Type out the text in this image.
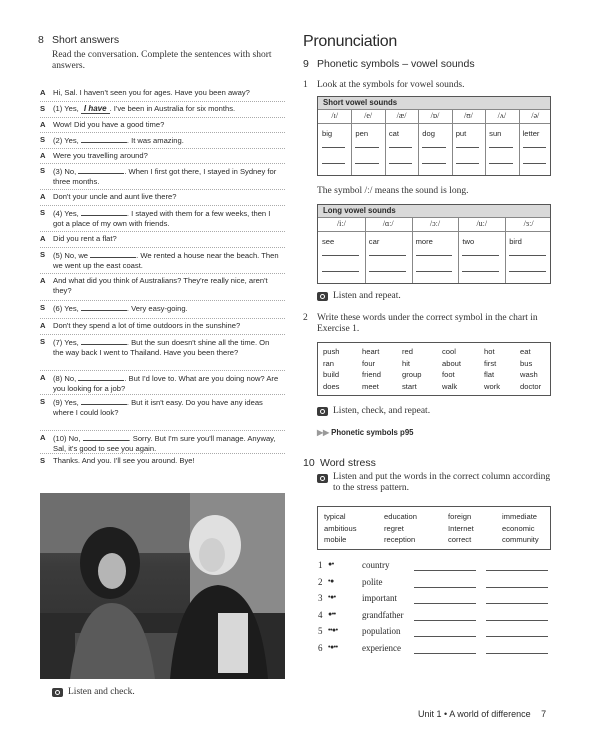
8 Short answers
Read the conversation. Complete the sentences with short answers.
A Hi, Sal. I haven't seen you for ages. Have you been away?
S	(1) Yes, I have . I've been in Australia for six months.
A Wow! Did you have a good time?
S	(2) Yes,	. It was amazing.
A Were you travelling around?
S	(3) No,	. When I first got there, I stayed in Sydney for three months.
A Don't your uncle and aunt live there?
S	(4) Yes,	. I stayed with them for a few weeks, then I got a place of my own with friends.
A Did you rent a flat?
S	(5) No, we	. We rented a house near the beach. Then we went up the east coast.
A And what did you think of Australians? They're really nice, aren't they?
S	(6) Yes,	. Very easy-going.
A Don't they spend a lot of time outdoors in the sunshine?
S	(7) Yes,	. But the sun doesn't shine all the time. On the way back I went to Thailand. Have you been there?
A (8) No,	. But I'd love to. What are you doing now? Are you looking for a job?
S	(9) Yes,	. But it isn't easy. Do you have any ideas where I could look?
A (10) No,	. Sorry. But I'm sure you'll manage. Anyway, Sal, it's good to see you again.
S	Thanks. And you. I'll see you around. Bye!
Listen and check.
Pronunciation
9 Phonetic symbols – vowel sounds
1 Look at the symbols for vowel sounds.
Short vowel sounds
/ɪ/
big
/e/
pen
/æ/
cat
/ɒ/
dog
/ʊ/
put
/ʌ/
sun
/ə/
letter
The symbol /ː/ means the sound is long.
Long vowel sounds
/iː/
see
/ɑː/
car
/ɔː/
more
/uː/
two
/ɜː/
bird
Listen and repeat.
2 Write these words under the correct symbol in the chart in Exercise 1.
push	heart	red	cool	hot	eat
ran	four	hit	about	first	bus
build	friend	group	foot	flat	wash
does	meet	start	walk	work	doctor
Listen, check, and repeat.
▶▶ Phonetic symbols p95
10 Word stress
Listen and put the words in the correct column according to the stress pattern.
typical	education	foreign	immediate
ambitious	regret	Internet	economic
mobile	reception	correct	community
1 ●•	country
2 •●	polite
3 •●•	important
4 ●••	grandfather
5 ••●•	population
6 •●••	experience
Unit 1 • A world of difference 7
